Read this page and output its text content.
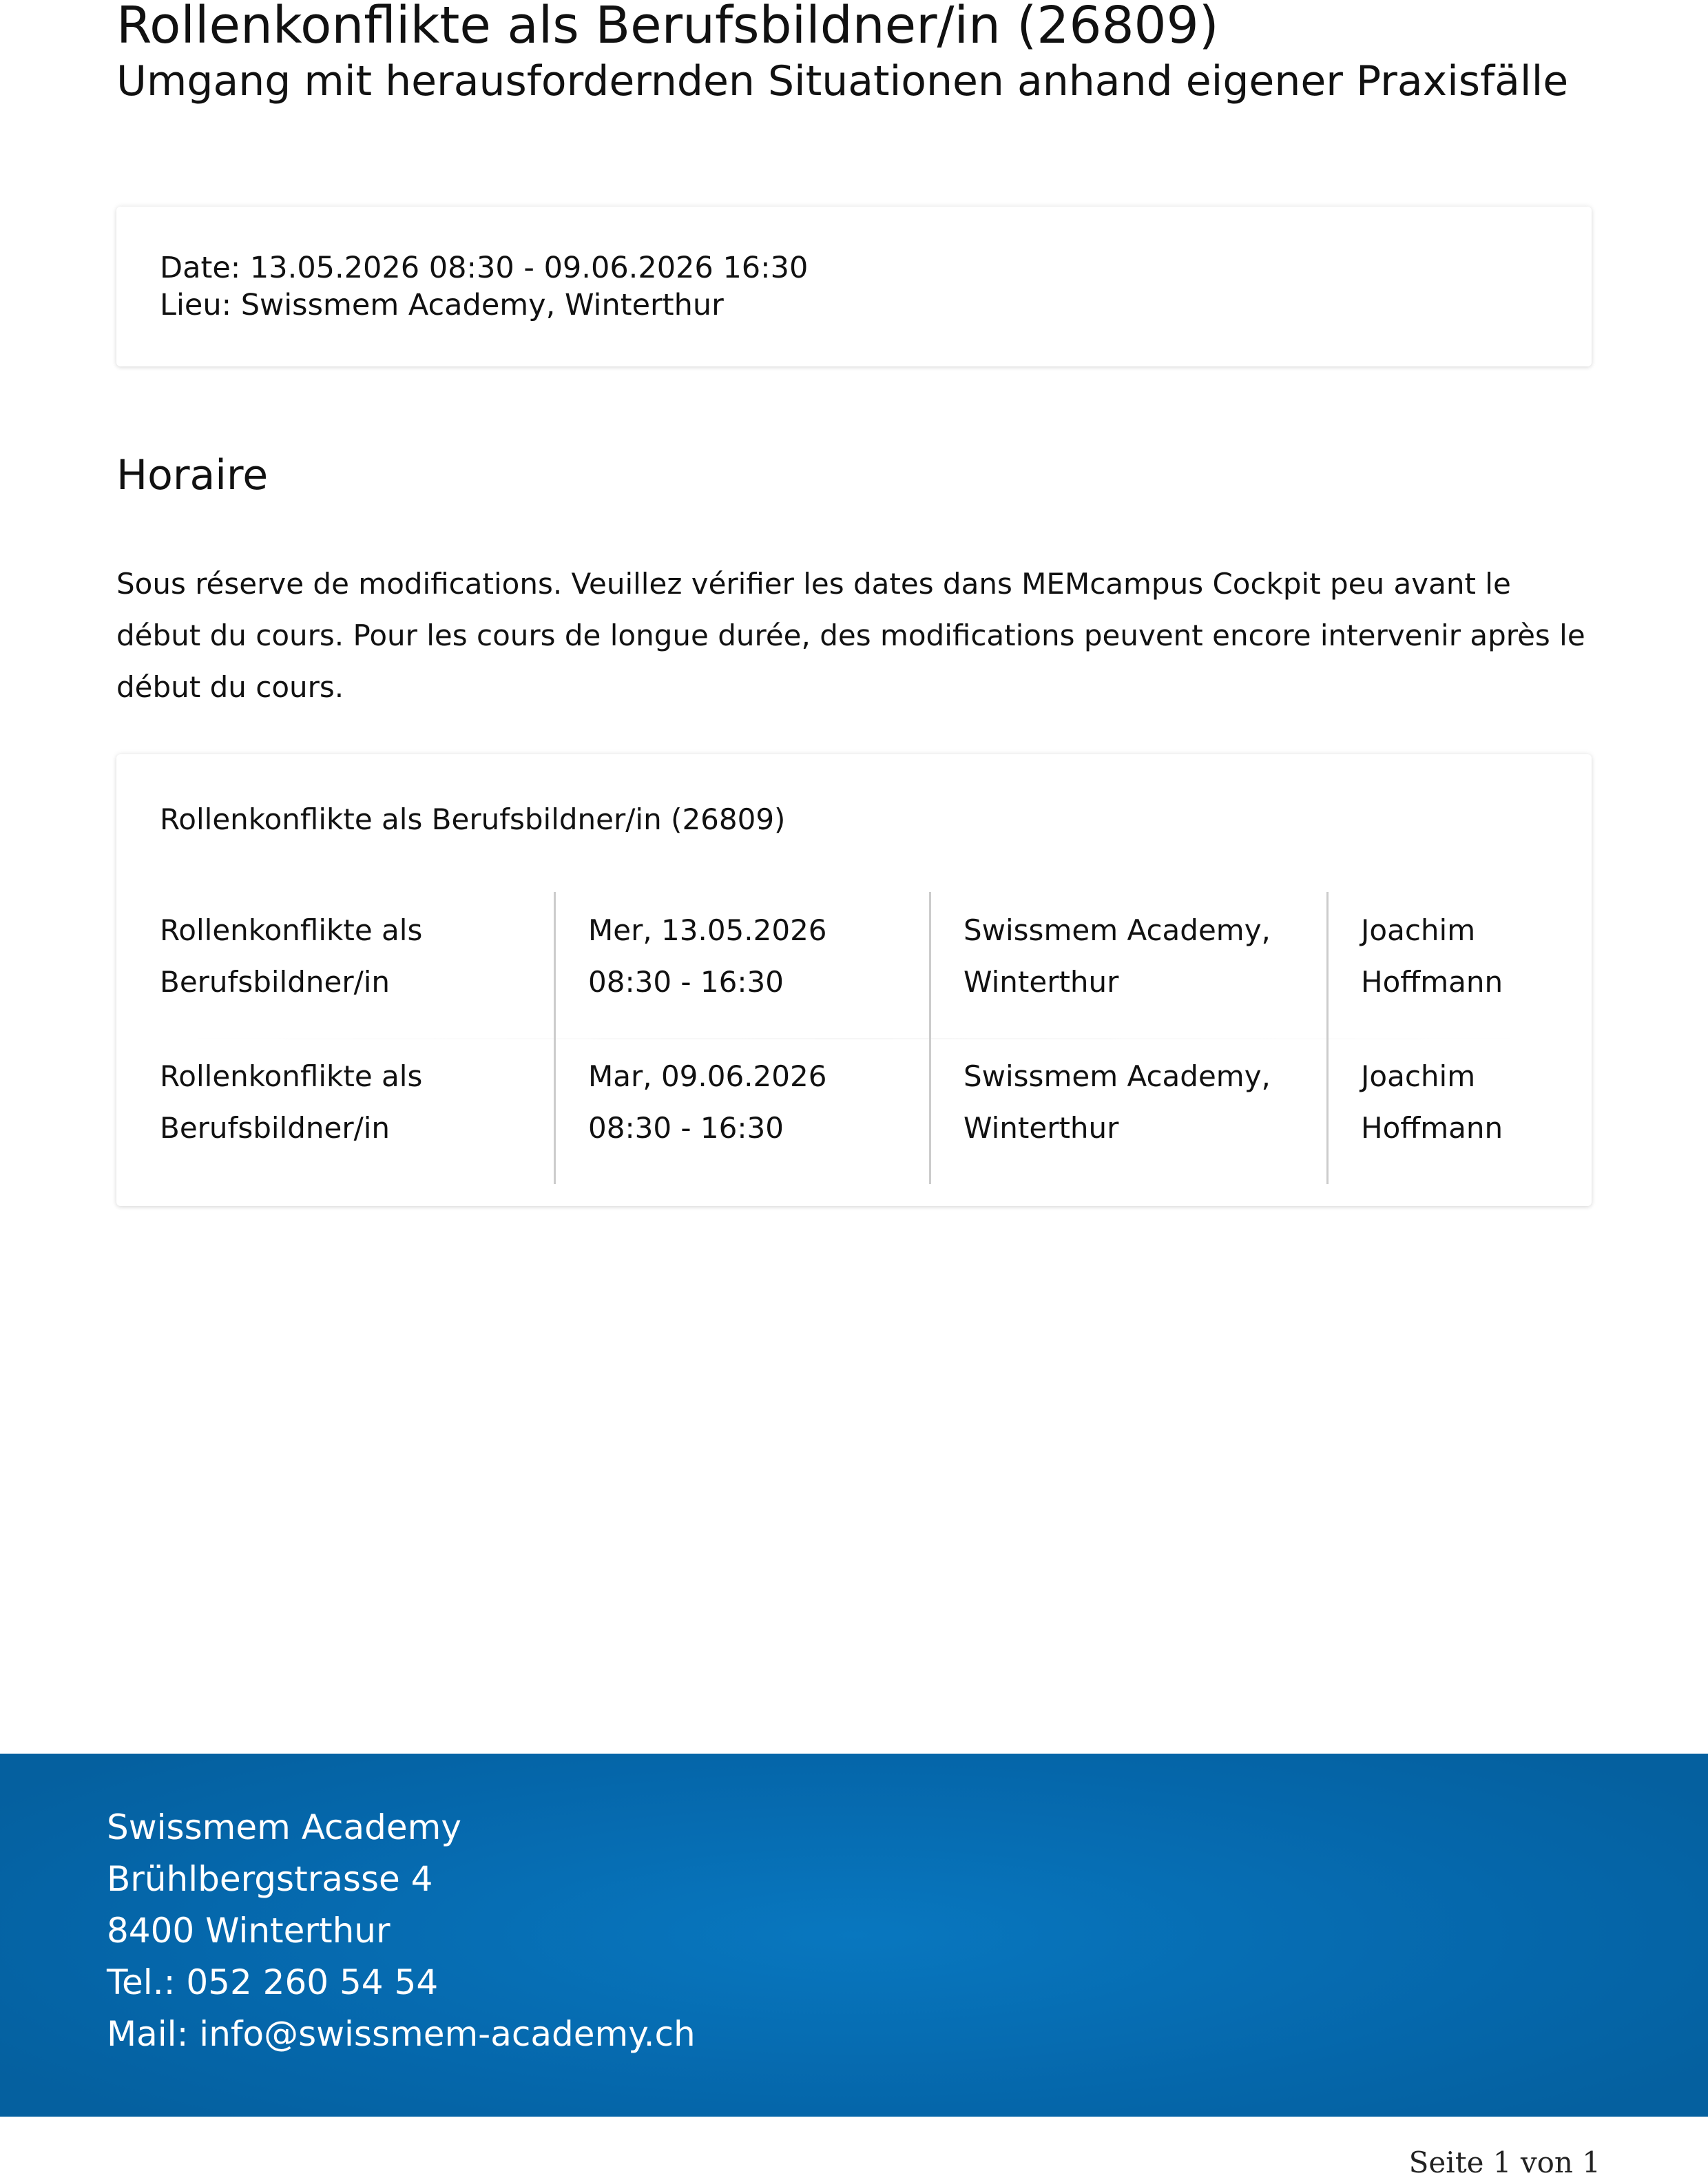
Rollenkonflikte als Berufsbildner/in (26809)
Umgang mit herausfordernden Situationen anhand eigener Praxisfälle
Date: 13.05.2026 08:30 - 09.06.2026 16:30
Lieu: Swissmem Academy, Winterthur
Horaire

Sous réserve de modifications. Veuillez vérifier les dates dans MEMcampus Cockpit peu avant le début du cours. Pour les cours de longue durée, des modifications peuvent encore intervenir après le début du cours.

Rollenkonflikte als Berufsbildner/in (26809)
Rollenkonflikte als
Berufsbildner/in
Mer, 13.05.2026
08:30 - 16:30
Swissmem Academy,
Winterthur
Joachim
Hoffmann
Rollenkonflikte als
Berufsbildner/in
Mar, 09.06.2026
08:30 - 16:30
Swissmem Academy,
Winterthur
Joachim
Hoffmann
Swissmem Academy
Brühlbergstrasse 4
8400 Winterthur
Tel.: 052 260 54 54
Mail: info@swissmem-academy.ch
Seite 1 von 1
